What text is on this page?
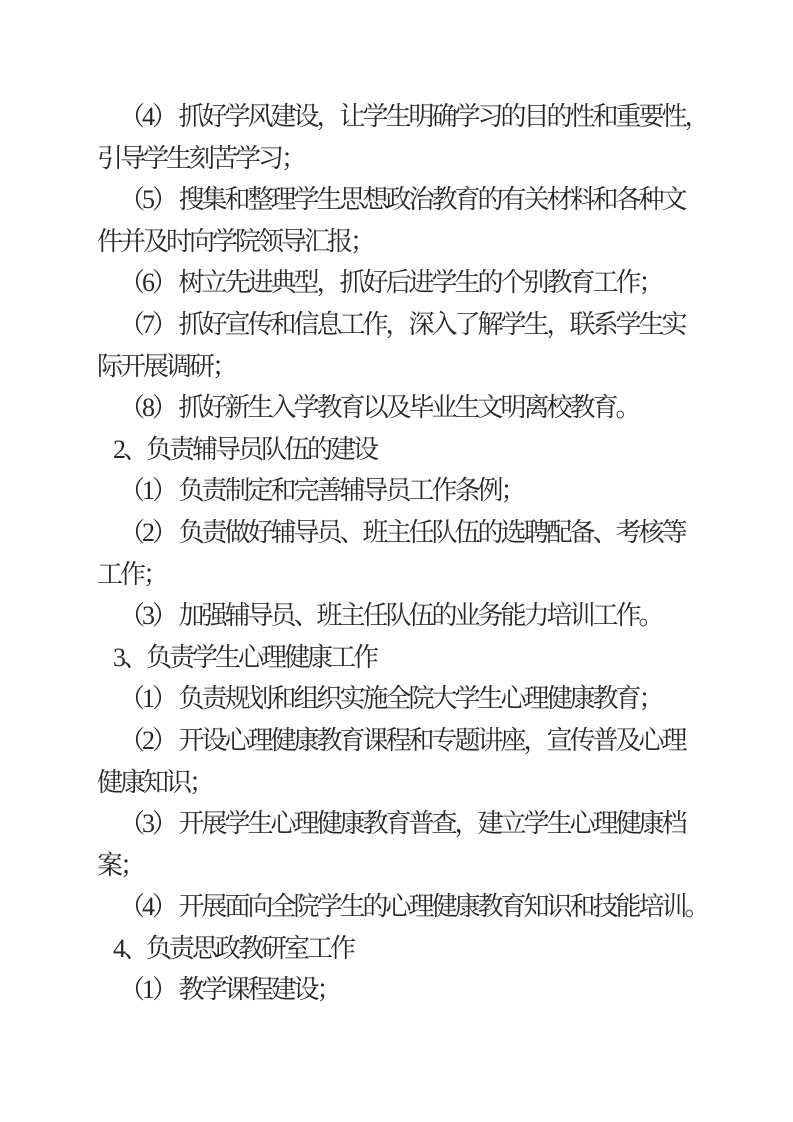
（4） 抓好学风建设，让学生明确学习的目的性和重要性，
引导学生刻苦学习；
（5） 搜集和整理学生思想政治教育的有关材料和各种文
件并及时向学院领导汇报；
（6） 树立先进典型，抓好后进学生的个别教育工作；
（7） 抓好宣传和信息工作，深入了解学生，联系学生实
际开展调研；
（8） 抓好新生入学教育以及毕业生文明离校教育。
2、负责辅导员队伍的建设
（1） 负责制定和完善辅导员工作条例；
（2） 负责做好辅导员、班主任队伍的选聘配备、考核等
工作；
（3） 加强辅导员、班主任队伍的业务能力培训工作。
3、负责学生心理健康工作
（1） 负责规划和组织实施全院大学生心理健康教育；
（2） 开设心理健康教育课程和专题讲座，宣传普及心理
健康知识；
（3） 开展学生心理健康教育普查，建立学生心理健康档
案；
（4） 开展面向全院学生的心理健康教育知识和技能培训。
4、负责思政教研室工作
（1） 教学课程建设；
